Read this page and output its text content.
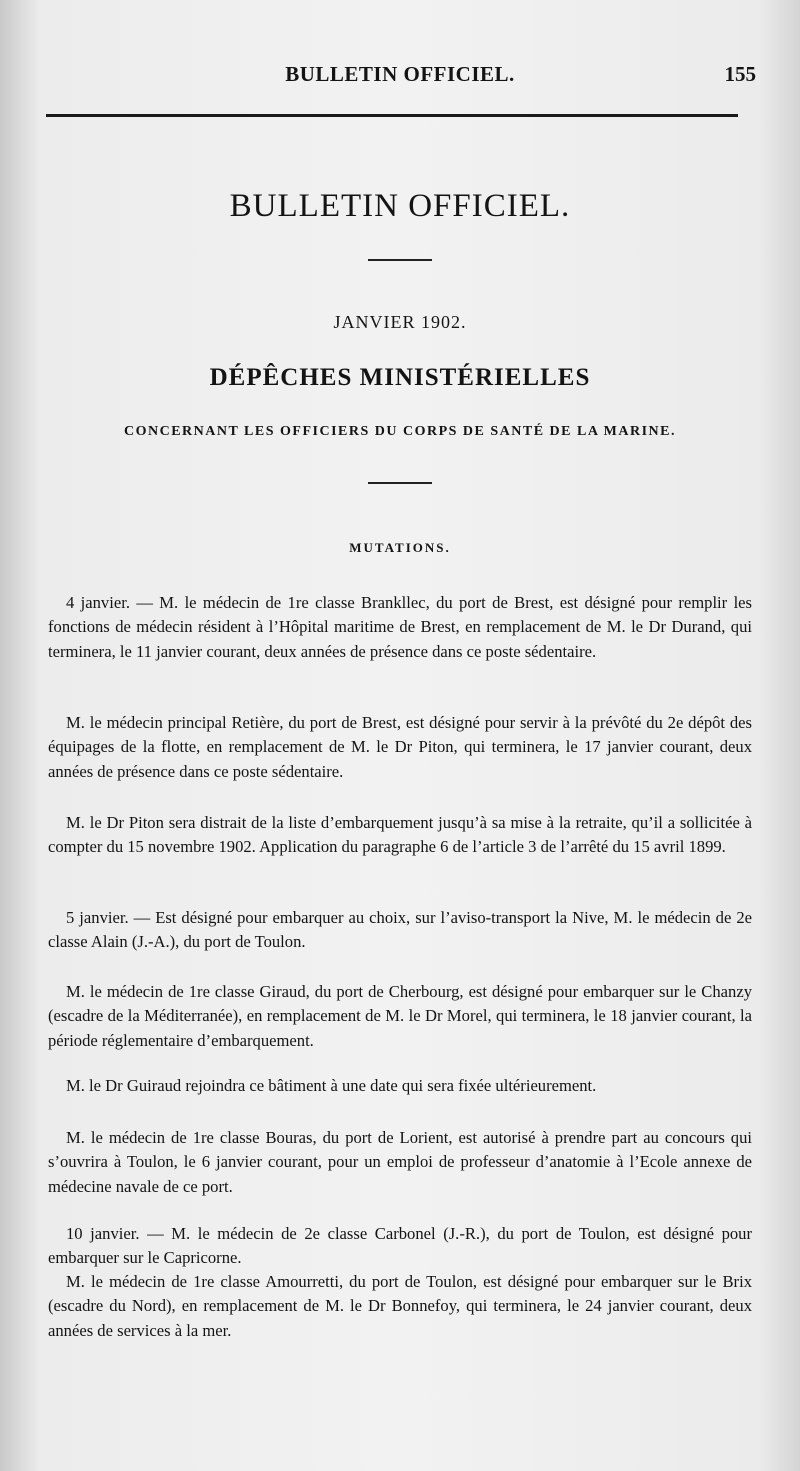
BULLETIN OFFICIEL.	155
BULLETIN OFFICIEL.
JANVIER 1902.
DÉPÊCHES MINISTÉRIELLES
CONCERNANT LES OFFICIERS DU CORPS DE SANTÉ DE LA MARINE.
MUTATIONS.

4 janvier. — M. le médecin de 1re classe Brankllec, du port de Brest, est désigné pour remplir les fonctions de médecin résident à l’Hôpital maritime de Brest, en remplacement de M. le Dr Durand, qui terminera, le 11 janvier courant, deux années de présence dans ce poste sédentaire.

M. le médecin principal Retière, du port de Brest, est désigné pour servir à la prévôté du 2e dépôt des équipages de la flotte, en remplacement de M. le Dr Piton, qui terminera, le 17 janvier courant, deux années de présence dans ce poste sédentaire.

M. le Dr Piton sera distrait de la liste d’embarquement jusqu’à sa mise à la retraite, qu’il a sollicitée à compter du 15 novembre 1902. Application du paragraphe 6 de l’article 3 de l’arrêté du 15 avril 1899.

5 janvier. — Est désigné pour embarquer au choix, sur l’aviso-transport la Nive, M. le médecin de 2e classe Alain (J.-A.), du port de Toulon.

M. le médecin de 1re classe Giraud, du port de Cherbourg, est désigné pour embarquer sur le Chanzy (escadre de la Méditerranée), en remplacement de M. le Dr Morel, qui terminera, le 18 janvier courant, la période réglementaire d’embarquement.

M. le Dr Guiraud rejoindra ce bâtiment à une date qui sera fixée ultérieurement.

M. le médecin de 1re classe Bouras, du port de Lorient, est autorisé à prendre part au concours qui s’ouvrira à Toulon, le 6 janvier courant, pour un emploi de professeur d’anatomie à l’Ecole annexe de médecine navale de ce port.

10 janvier. — M. le médecin de 2e classe Carbonel (J.-R.), du port de Toulon, est désigné pour embarquer sur le Capricorne.

M. le médecin de 1re classe Amourretti, du port de Toulon, est désigné pour embarquer sur le Brix (escadre du Nord), en remplacement de M. le Dr Bonnefoy, qui terminera, le 24 janvier courant, deux années de services à la mer.
